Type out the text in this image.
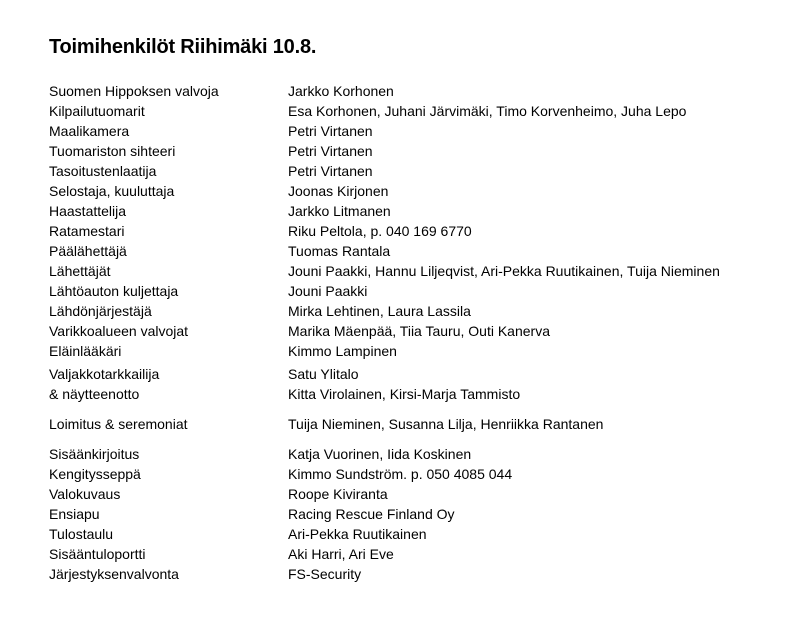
Toimihenkilöt Riihimäki 10.8.
Suomen Hippoksen valvoja	Jarkko Korhonen
Kilpailutuomarit	Esa Korhonen, Juhani Järvimäki, Timo Korvenheimo, Juha Lepo
Maalikamera	Petri Virtanen
Tuomariston sihteeri	Petri Virtanen
Tasoitustenlaatija	Petri Virtanen
Selostaja, kuuluttaja	Joonas Kirjonen
Haastattelija	Jarkko Litmanen
Ratamestari	Riku Peltola, p. 040 169 6770
Päälähettäjä	Tuomas Rantala
Lähettäjät	Jouni Paakki, Hannu Liljeqvist, Ari-Pekka Ruutikainen, Tuija Nieminen
Lähtöauton kuljettaja	Jouni Paakki
Lähdönjärjestäjä	Mirka Lehtinen, Laura Lassila
Varikkoalueen valvojat	Marika Mäenpää, Tiia Tauru, Outi Kanerva
Eläinlääkäri	Kimmo Lampinen
Valjakkotarkkailija	Satu Ylitalo
& näytteenotto	Kitta Virolainen, Kirsi-Marja Tammisto
Loimitus & seremoniat	Tuija Nieminen, Susanna Lilja, Henriikka Rantanen
Sisäänkirjoitus	Katja Vuorinen, Iida Koskinen
Kengitysseppä	Kimmo Sundström. p. 050 4085 044
Valokuvaus	Roope Kiviranta
Ensiapu	Racing Rescue Finland Oy
Tulostaulu	Ari-Pekka Ruutikainen
Sisääntuloportti	Aki Harri, Ari Eve
Järjestyksenvalvonta	FS-Security
